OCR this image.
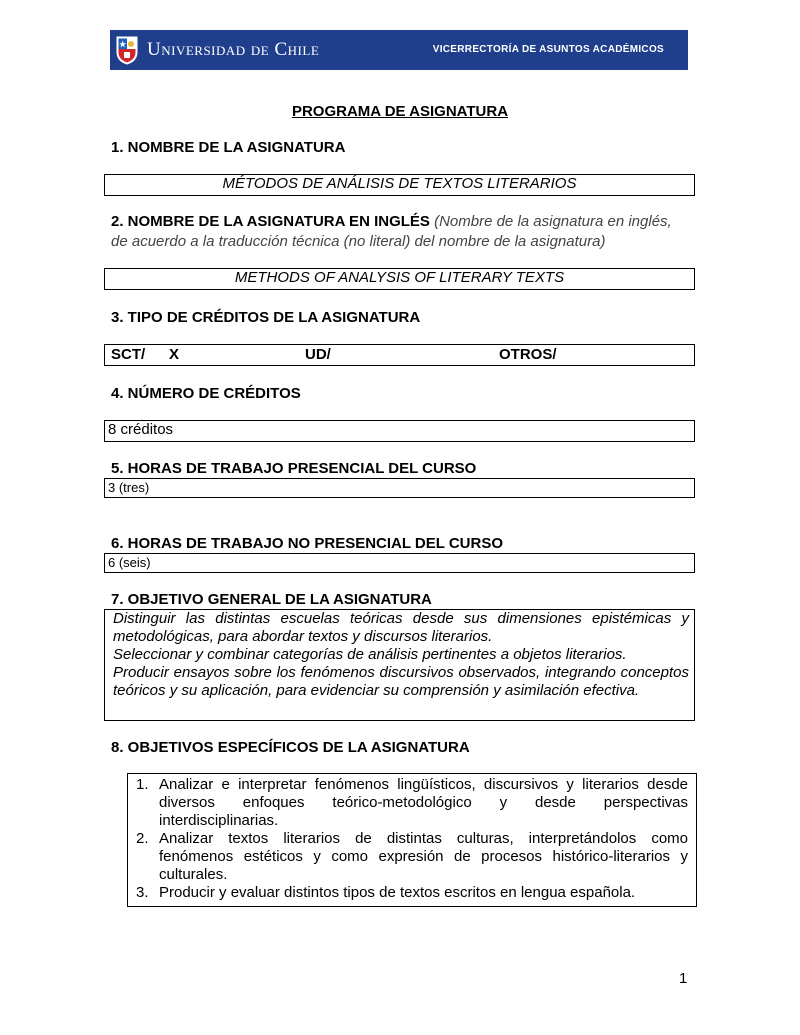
Universidad de Chile	VICERRECTORÍA DE ASUNTOS ACADÉMICOS
PROGRAMA DE ASIGNATURA
1. NOMBRE DE LA ASIGNATURA
MÉTODOS DE ANÁLISIS DE TEXTOS LITERARIOS
2. NOMBRE DE LA ASIGNATURA EN INGLÉS (Nombre de la asignatura en inglés,
de acuerdo a la traducción técnica (no literal) del nombre de la asignatura)
METHODS OF ANALYSIS OF LITERARY TEXTS
3. TIPO DE CRÉDITOS DE LA ASIGNATURA
SCT/ X	UD/	OTROS/
4. NÚMERO DE CRÉDITOS
8 créditos
5. HORAS DE TRABAJO PRESENCIAL DEL CURSO
3 (tres)
6. HORAS DE TRABAJO NO PRESENCIAL DEL CURSO
6 (seis)
7. OBJETIVO GENERAL DE LA ASIGNATURA

Distinguir las distintas escuelas teóricas desde sus dimensiones epistémicas y metodológicas, para abordar textos y discursos literarios.

Seleccionar y combinar categorías de análisis pertinentes a objetos literarios.

Producir ensayos sobre los fenómenos discursivos observados, integrando conceptos teóricos y su aplicación, para evidenciar su comprensión y asimilación efectiva.

8. OBJETIVOS ESPECÍFICOS DE LA ASIGNATURA
1. Analizar e interpretar fenómenos lingüísticos, discursivos y literarios desde diversos enfoques teórico-metodológico y desde perspectivas interdisciplinarias.
2. Analizar textos literarios de distintas culturas, interpretándolos como fenómenos estéticos y como expresión de procesos histórico-literarios y culturales.
3. Producir y evaluar distintos tipos de textos escritos en lengua española.
1
